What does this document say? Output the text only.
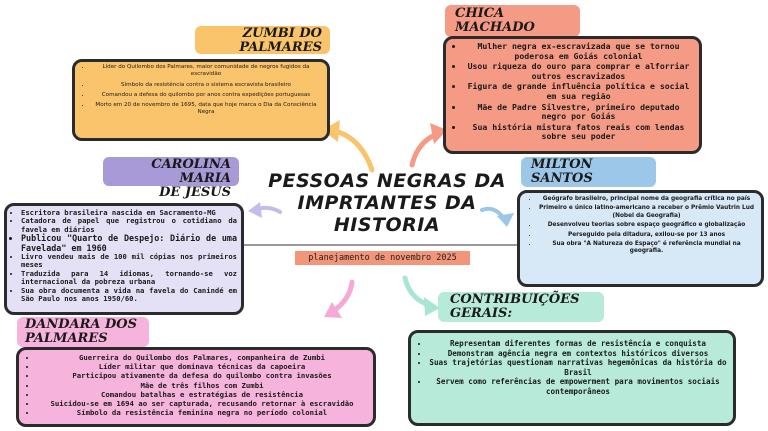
PESSOAS NEGRAS DA
IMPRTANTES DA
HISTORIA
planejamento de novembro 2025
ZUMBI DO
PALMARES
• Líder do Quilombo dos Palmares, maior comunidade de negros fugidos da escravidão
• Símbolo da resistência contra o sistema escravista brasileiro
• Comandou a defesa do quilombo por anos contra expedições portuguesas
• Morto em 20 de novembro de 1695, data que hoje marca o Dia da Consciência Negra
CHICA
MACHADO
• Mulher negra ex-escravizada que se tornou poderosa em Goiás colonial
• Usou riqueza do ouro para comprar e alforriar outros escravizados
• Figura de grande influência política e social em sua região
• Mãe de Padre Silvestre, primeiro deputado negro por Goiás
• Sua história mistura fatos reais com lendas sobre seu poder
CAROLINA MARIA
DE JESUS
• Escritora brasileira nascida em Sacramento-MG
• Catadora de papel que registrou o cotidiano da favela em diários
• Publicou "Quarto de Despejo: Diário de uma Favelada" em 1960
• Livro vendeu mais de 100 mil cópias nos primeiros meses
• Traduzida para 14 idiomas, tornando-se voz internacional da pobreza urbana
• Sua obra documenta a vida na favela do Canindé em São Paulo nos anos 1950/60.
MILTON
SANTOS
• Geógrafo brasileiro, principal nome da geografia crítica no país
• Primeiro e único latino-americano a receber o Prêmio Vautrin Lud (Nobel da Geografia)
• Desenvolveu teorias sobre espaço geográfico e globalização
• Perseguido pela ditadura, exilou-se por 13 anos
• Sua obra "A Natureza do Espaço" é referência mundial na geografia.
DANDARA DOS
PALMARES
• Guerreira do Quilombo dos Palmares, companheira de Zumbi
• Líder militar que dominava técnicas da capoeira
• Participou ativamente da defesa do quilombo contra invasões
• Mãe de três filhos com Zumbi
• Comandou batalhas e estratégias de resistência
• Suicidou-se em 1694 ao ser capturada, recusando retornar à escravidão
• Símbolo da resistência feminina negra no período colonial
CONTRIBUIÇÕES
GERAIS:
• Representam diferentes formas de resistência e conquista
• Demonstram agência negra em contextos históricos diversos
• Suas trajetórias questionam narrativas hegemônicas da história do Brasil
• Servem como referências de empowerment para movimentos sociais contemporâneos
